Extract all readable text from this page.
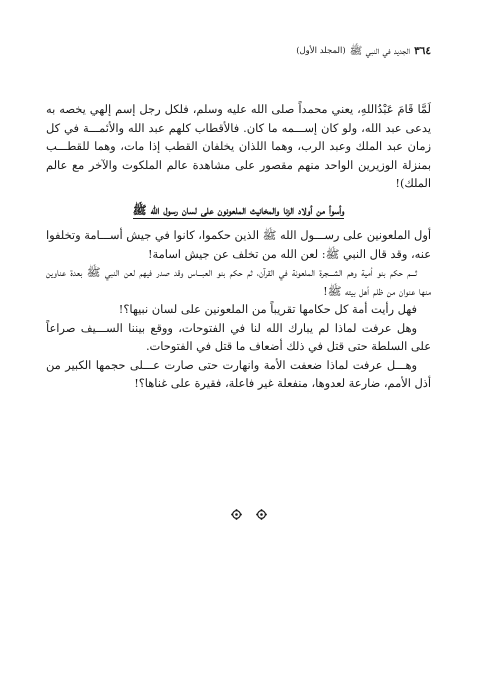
٣٦٤
الجديد في النبي ﷺ
(المجلد الأول)

لَمَّا قَامَ عَبْدُاللهِ، يعني محمداً صلى الله عليه وسلم، فلكل رجل إسم إلهي يخصه به يدعى عبد الله، ولو كان إســـمه ما كان. فالأقطاب كلهم عبد الله والأئمـــة في كل زمان عبد الملك وعبد الرب، وهما اللذان يخلفان القطب إذا مات، وهما للقطـــب بمنزلة الوزيرين الواحد منهم مقصور على مشاهدة عالم الملكوت والآخر مع عالم الملك)!

وأسوأ من أولاد الزنا والمخانيث الملعونون على لسان رسول الله ﷺ

أول الملعونين على رســـول الله ﷺ الذين حكموا، كانوا في جيش أســـامة وتخلفوا عنه، وقد قال النبي ﷺ: لعن الله من تخلف عن جيش اسامة!

ثـــم حكم بنو أمية وهم الشـــجرة الملعونة في القرآن، ثم حكم بنو العبـــاس وقد صدر فيهم لعن النبي ﷺ بعدة عناوين منها عنوان من ظلم أهل بيته ﷺ!

فهل رأيت أمة كل حكامها تقريباً من الملعونين على لسان نبيها؟!

وهل عرفت لماذا لم يبارك الله لنا في الفتوحات، ووقع بيننا الســـيف صراعاً على السلطة حتى قتل في ذلك أضعاف ما قتل في الفتوحات.

وهـــل عرفت لماذا ضعفت الأمة وانهارت حتى صارت عـــلى حجمها الكبير من أذل الأمم، ضارعة لعدوها، منفعلة غير فاعلة، فقيرة على غناها؟!
